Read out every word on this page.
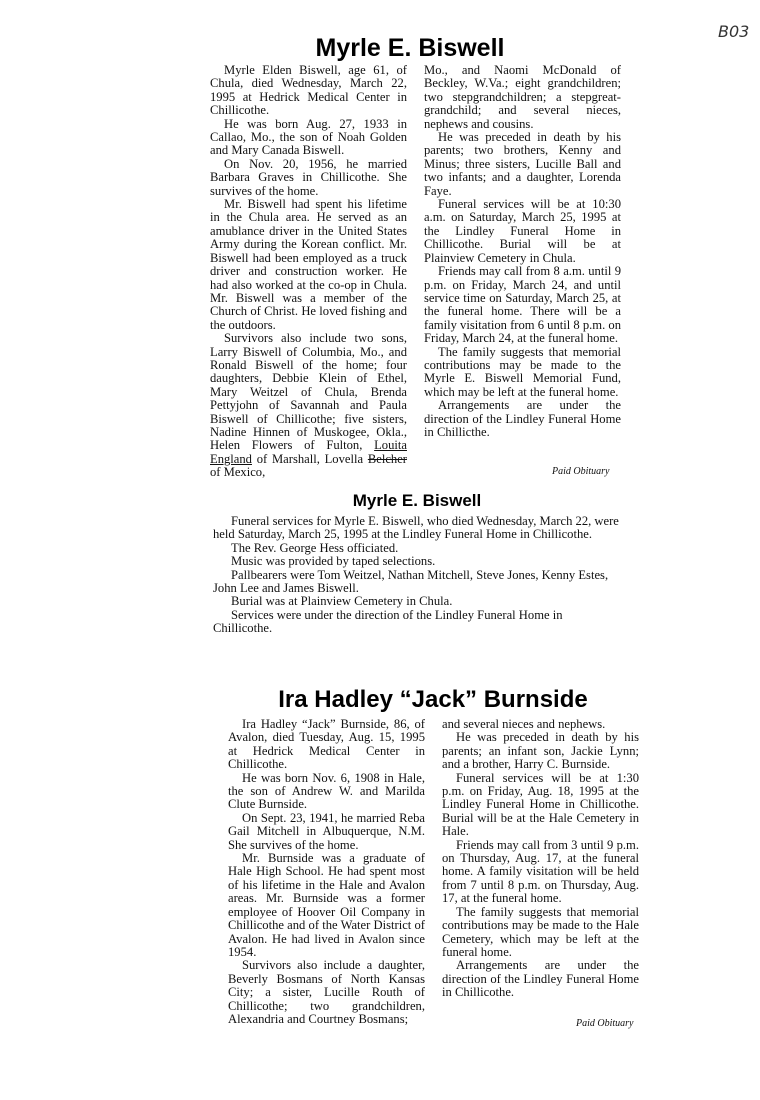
B03
Myrle E. Biswell

Myrle Elden Biswell, age 61, of Chula, died Wednesday, March 22, 1995 at Hedrick Medical Center in Chillicothe.

He was born Aug. 27, 1933 in Callao, Mo., the son of Noah Golden and Mary Canada Biswell.

On Nov. 20, 1956, he married Barbara Graves in Chillicothe. She survives of the home.

Mr. Biswell had spent his lifetime in the Chula area. He served as an amublance driver in the United States Army during the Korean conflict. Mr. Biswell had been employed as a truck driver and construction worker. He had also worked at the co-op in Chula. Mr. Biswell was a member of the Church of Christ. He loved fishing and the outdoors.

Survivors also include two sons, Larry Biswell of Columbia, Mo., and Ronald Biswell of the home; four daughters, Debbie Klein of Ethel, Mary Weitzel of Chula, Brenda Pettyjohn of Savannah and Paula Biswell of Chillicothe; five sisters, Nadine Hinnen of Muskogee, Okla., Helen Flowers of Fulton, Louita England of Marshall, Lovella Belcher of Mexico,

Mo., and Naomi McDonald of Beckley, W.Va.; eight grandchildren; two stepgrandchildren; a stepgreat-grandchild; and several nieces, nephews and cousins.

He was preceded in death by his parents; two brothers, Kenny and Minus; three sisters, Lucille Ball and two infants; and a daughter, Lorenda Faye.

Funeral services will be at 10:30 a.m. on Saturday, March 25, 1995 at the Lindley Funeral Home in Chillicothe. Burial will be at Plainview Cemetery in Chula.

Friends may call from 8 a.m. until 9 p.m. on Friday, March 24, and until service time on Saturday, March 25, at the funeral home. There will be a family visitation from 6 until 8 p.m. on Friday, March 24, at the funeral home.

The family suggests that memorial contributions may be made to the Myrle E. Biswell Memorial Fund, which may be left at the funeral home.

Arrangements are under the direction of the Lindley Funeral Home in Chillicthe.

Paid Obituary
Myrle E. Biswell

Funeral services for Myrle E. Biswell, who died Wednesday, March 22, were held Saturday, March 25, 1995 at the Lindley Funeral Home in Chillicothe.

The Rev. George Hess officiated.

Music was provided by taped selections.

Pallbearers were Tom Weitzel, Nathan Mitchell, Steve Jones, Kenny Estes, John Lee and James Biswell.

Burial was at Plainview Cemetery in Chula.

Services were under the direction of the Lindley Funeral Home in Chillicothe.

Ira Hadley “Jack” Burnside

Ira Hadley “Jack” Burnside, 86, of Avalon, died Tuesday, Aug. 15, 1995 at Hedrick Medical Center in Chillicothe.

He was born Nov. 6, 1908 in Hale, the son of Andrew W. and Marilda Clute Burnside.

On Sept. 23, 1941, he married Reba Gail Mitchell in Albuquerque, N.M. She survives of the home.

Mr. Burnside was a graduate of Hale High School. He had spent most of his lifetime in the Hale and Avalon areas. Mr. Burnside was a former employee of Hoover Oil Company in Chillicothe and of the Water District of Avalon. He had lived in Avalon since 1954.

Survivors also include a daughter, Beverly Bosmans of North Kansas City; a sister, Lucille Routh of Chillicothe; two grandchildren, Alexandria and Courtney Bosmans;

and several nieces and nephews.

He was preceded in death by his parents; an infant son, Jackie Lynn; and a brother, Harry C. Burnside.

Funeral services will be at 1:30 p.m. on Friday, Aug. 18, 1995 at the Lindley Funeral Home in Chillicothe. Burial will be at the Hale Cemetery in Hale.

Friends may call from 3 until 9 p.m. on Thursday, Aug. 17, at the funeral home. A family visitation will be held from 7 until 8 p.m. on Thursday, Aug. 17, at the funeral home.

The family suggests that memorial contributions may be made to the Hale Cemetery, which may be left at the funeral home.

Arrangements are under the direction of the Lindley Funeral Home in Chillicothe.

Paid Obituary
